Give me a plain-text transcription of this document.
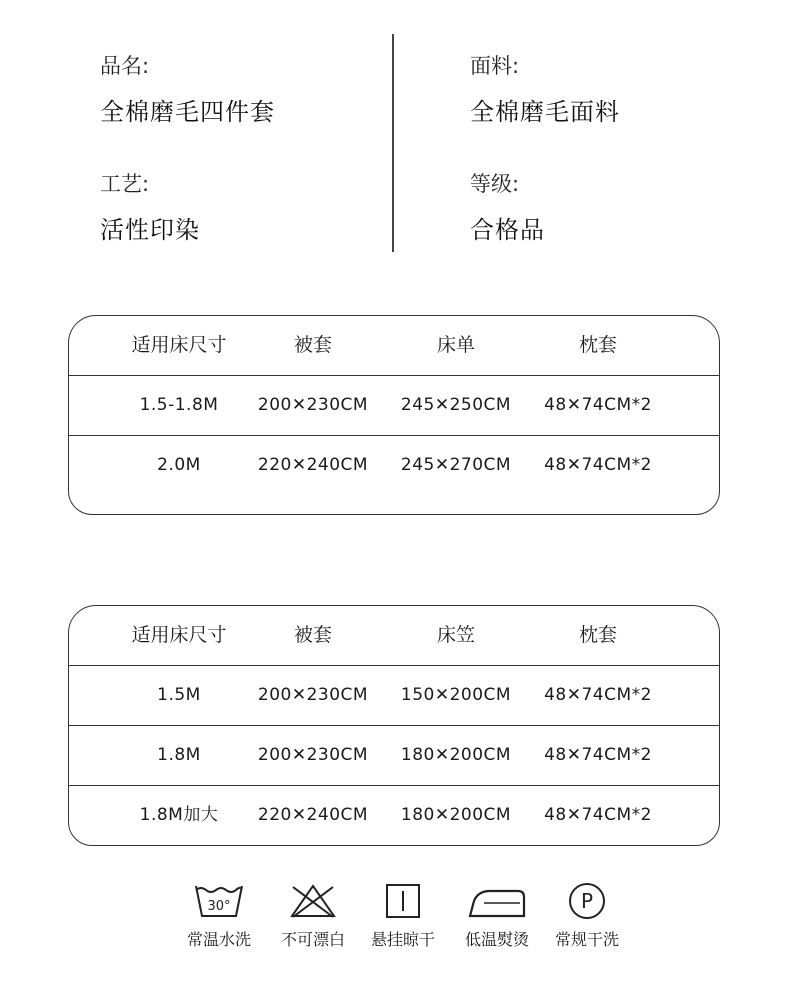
品名:
全棉磨毛四件套
面料:
全棉磨毛面料
工艺:
活性印染
等级:
合格品
适用床尺寸	被套	床单	枕套
1.5-1.8M	200✕230CM	245✕250CM	48✕74CM*2
2.0M	220✕240CM	245✕270CM	48✕74CM*2
适用床尺寸	被套	床笠	枕套
1.5M	200✕230CM	150✕200CM	48✕74CM*2
1.8M	200✕230CM	180✕200CM	48✕74CM*2
1.8M加大	220✕240CM	180✕200CM	48✕74CM*2
30°
常温水洗	不可漂白	悬挂晾干	低温熨烫
P
常规干洗
